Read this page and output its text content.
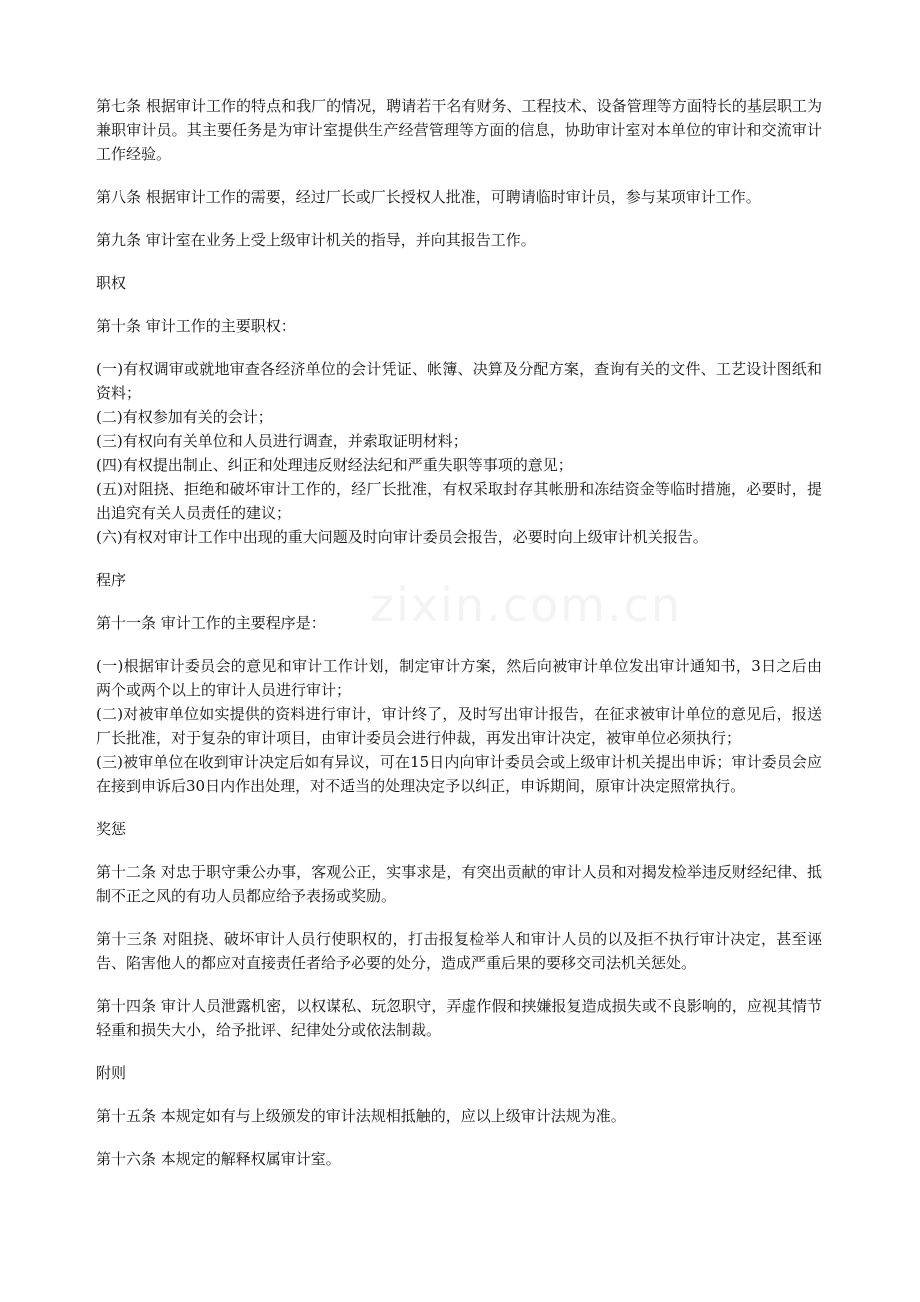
zixin.com.cn

第七条 根据审计工作的特点和我厂的情况，聘请若干名有财务、工程技术、设备管理等方面特长的基层职工为兼职审计员。其主要任务是为审计室提供生产经营管理等方面的信息，协助审计室对本单位的审计和交流审计工作经验。

第八条 根据审计工作的需要，经过厂长或厂长授权人批准，可聘请临时审计员，参与某项审计工作。

第九条 审计室在业务上受上级审计机关的指导，并向其报告工作。

职权

第十条 审计工作的主要职权：

(一)有权调审或就地审查各经济单位的会计凭证、帐簿、决算及分配方案，查询有关的文件、工艺设计图纸和资料；
(二)有权参加有关的会计；
(三)有权向有关单位和人员进行调查，并索取证明材料；
(四)有权提出制止、纠正和处理违反财经法纪和严重失职等事项的意见；
(五)对阻挠、拒绝和破坏审计工作的，经厂长批准，有权采取封存其帐册和冻结资金等临时措施，必要时，提出追究有关人员责任的建议；
(六)有权对审计工作中出现的重大问题及时向审计委员会报告，必要时向上级审计机关报告。

程序

第十一条 审计工作的主要程序是：

(一)根据审计委员会的意见和审计工作计划，制定审计方案，然后向被审计单位发出审计通知书，3日之后由两个或两个以上的审计人员进行审计；
(二)对被审单位如实提供的资料进行审计，审计终了，及时写出审计报告，在征求被审计单位的意见后，报送厂长批准，对于复杂的审计项目，由审计委员会进行仲裁，再发出审计决定，被审单位必须执行；
(三)被审单位在收到审计决定后如有异议，可在15日内向审计委员会或上级审计机关提出申诉；审计委员会应在接到申诉后30日内作出处理，对不适当的处理决定予以纠正，申诉期间，原审计决定照常执行。

奖惩

第十二条 对忠于职守秉公办事，客观公正，实事求是，有突出贡献的审计人员和对揭发检举违反财经纪律、抵制不正之风的有功人员都应给予表扬或奖励。

第十三条 对阻挠、破坏审计人员行使职权的，打击报复检举人和审计人员的以及拒不执行审计决定，甚至诬告、陷害他人的都应对直接责任者给予必要的处分，造成严重后果的要移交司法机关惩处。

第十四条 审计人员泄露机密，以权谋私、玩忽职守，弄虚作假和挟嫌报复造成损失或不良影响的，应视其情节轻重和损失大小，给予批评、纪律处分或依法制裁。

附则

第十五条 本规定如有与上级颁发的审计法规相抵触的，应以上级审计法规为准。

第十六条 本规定的解释权属审计室。
